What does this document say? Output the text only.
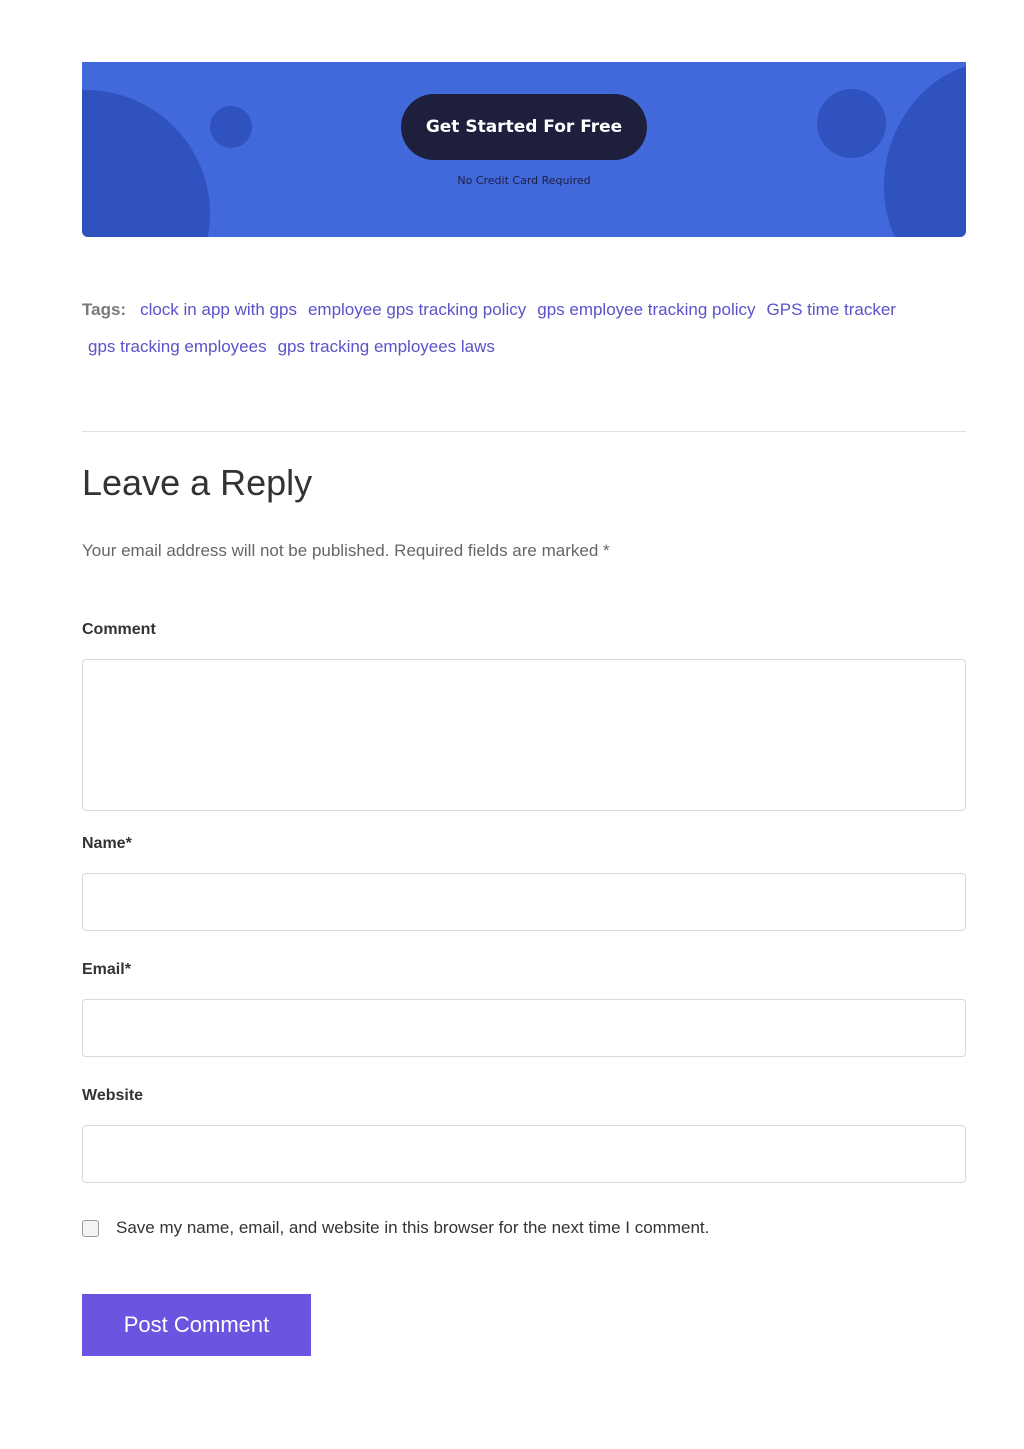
Get Started For Free
No Credit Card Required
Tags: clock in app with gps employee gps tracking policy gps employee tracking policy GPS time tracker
gps tracking employees gps tracking employees laws
Leave a Reply

Your email address will not be published. Required fields are marked *

Comment
Name*
Email*
Website
Save my name, email, and website in this browser for the next time I comment.
Post Comment
